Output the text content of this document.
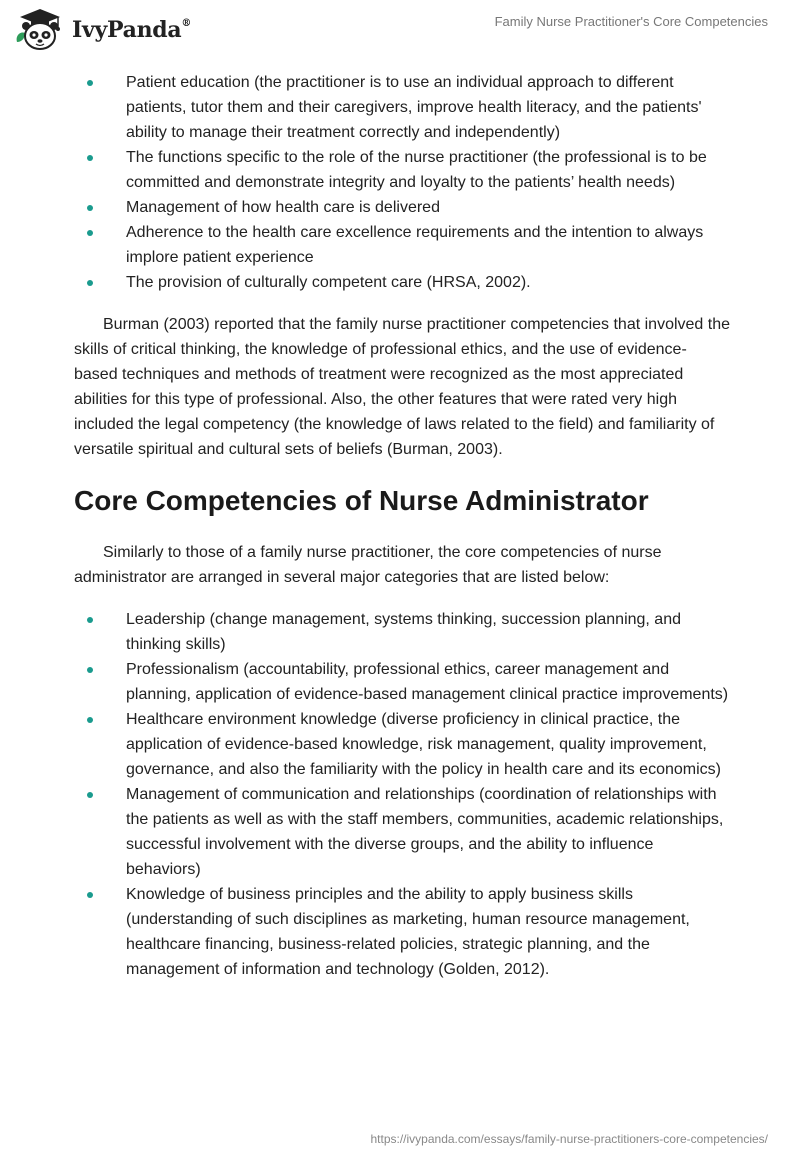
IvyPanda®	Family Nurse Practitioner's Core Competencies
Patient education (the practitioner is to use an individual approach to different patients, tutor them and their caregivers, improve health literacy, and the patients' ability to manage their treatment correctly and independently)
The functions specific to the role of the nurse practitioner (the professional is to be committed and demonstrate integrity and loyalty to the patients’ health needs)
Management of how health care is delivered
Adherence to the health care excellence requirements and the intention to always implore patient experience
The provision of culturally competent care (HRSA, 2002).

Burman (2003) reported that the family nurse practitioner competencies that involved the skills of critical thinking, the knowledge of professional ethics, and the use of evidence-based techniques and methods of treatment were recognized as the most appreciated abilities for this type of professional. Also, the other features that were rated very high included the legal competency (the knowledge of laws related to the field) and familiarity of versatile spiritual and cultural sets of beliefs (Burman, 2003).

Core Competencies of Nurse Administrator

Similarly to those of a family nurse practitioner, the core competencies of nurse administrator are arranged in several major categories that are listed below:

Leadership (change management, systems thinking, succession planning, and thinking skills)
Professionalism (accountability, professional ethics, career management and planning, application of evidence-based management clinical practice improvements)
Healthcare environment knowledge (diverse proficiency in clinical practice, the application of evidence-based knowledge, risk management, quality improvement, governance, and also the familiarity with the policy in health care and its economics)
Management of communication and relationships (coordination of relationships with the patients as well as with the staff members, communities, academic relationships, successful involvement with the diverse groups, and the ability to influence behaviors)
Knowledge of business principles and the ability to apply business skills (understanding of such disciplines as marketing, human resource management, healthcare financing, business-related policies, strategic planning, and the management of information and technology (Golden, 2012).
https://ivypanda.com/essays/family-nurse-practitioners-core-competencies/
